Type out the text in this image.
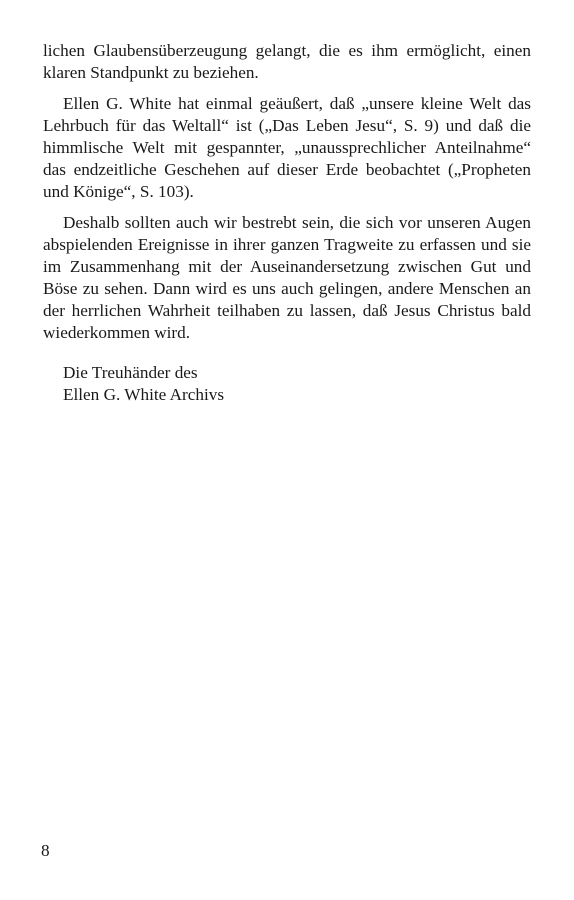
lichen Glaubensüberzeugung gelangt, die es ihm ermöglicht, einen klaren Standpunkt zu beziehen.

Ellen G. White hat einmal geäußert, daß „unsere kleine Welt das Lehrbuch für das Weltall“ ist („Das Leben Jesu“, S. 9) und daß die himmlische Welt mit gespannter, „unaussprechlicher Anteilnahme“ das endzeitliche Geschehen auf dieser Erde beobachtet („Propheten und Könige“, S. 103).

Deshalb sollten auch wir bestrebt sein, die sich vor unseren Augen abspielenden Ereignisse in ihrer ganzen Tragweite zu erfassen und sie im Zusammenhang mit der Auseinandersetzung zwischen Gut und Böse zu sehen. Dann wird es uns auch gelingen, andere Menschen an der herrlichen Wahrheit teilhaben zu lassen, daß Jesus Christus bald wiederkommen wird.

Die Treuhänder des
Ellen G. White Archivs
8
